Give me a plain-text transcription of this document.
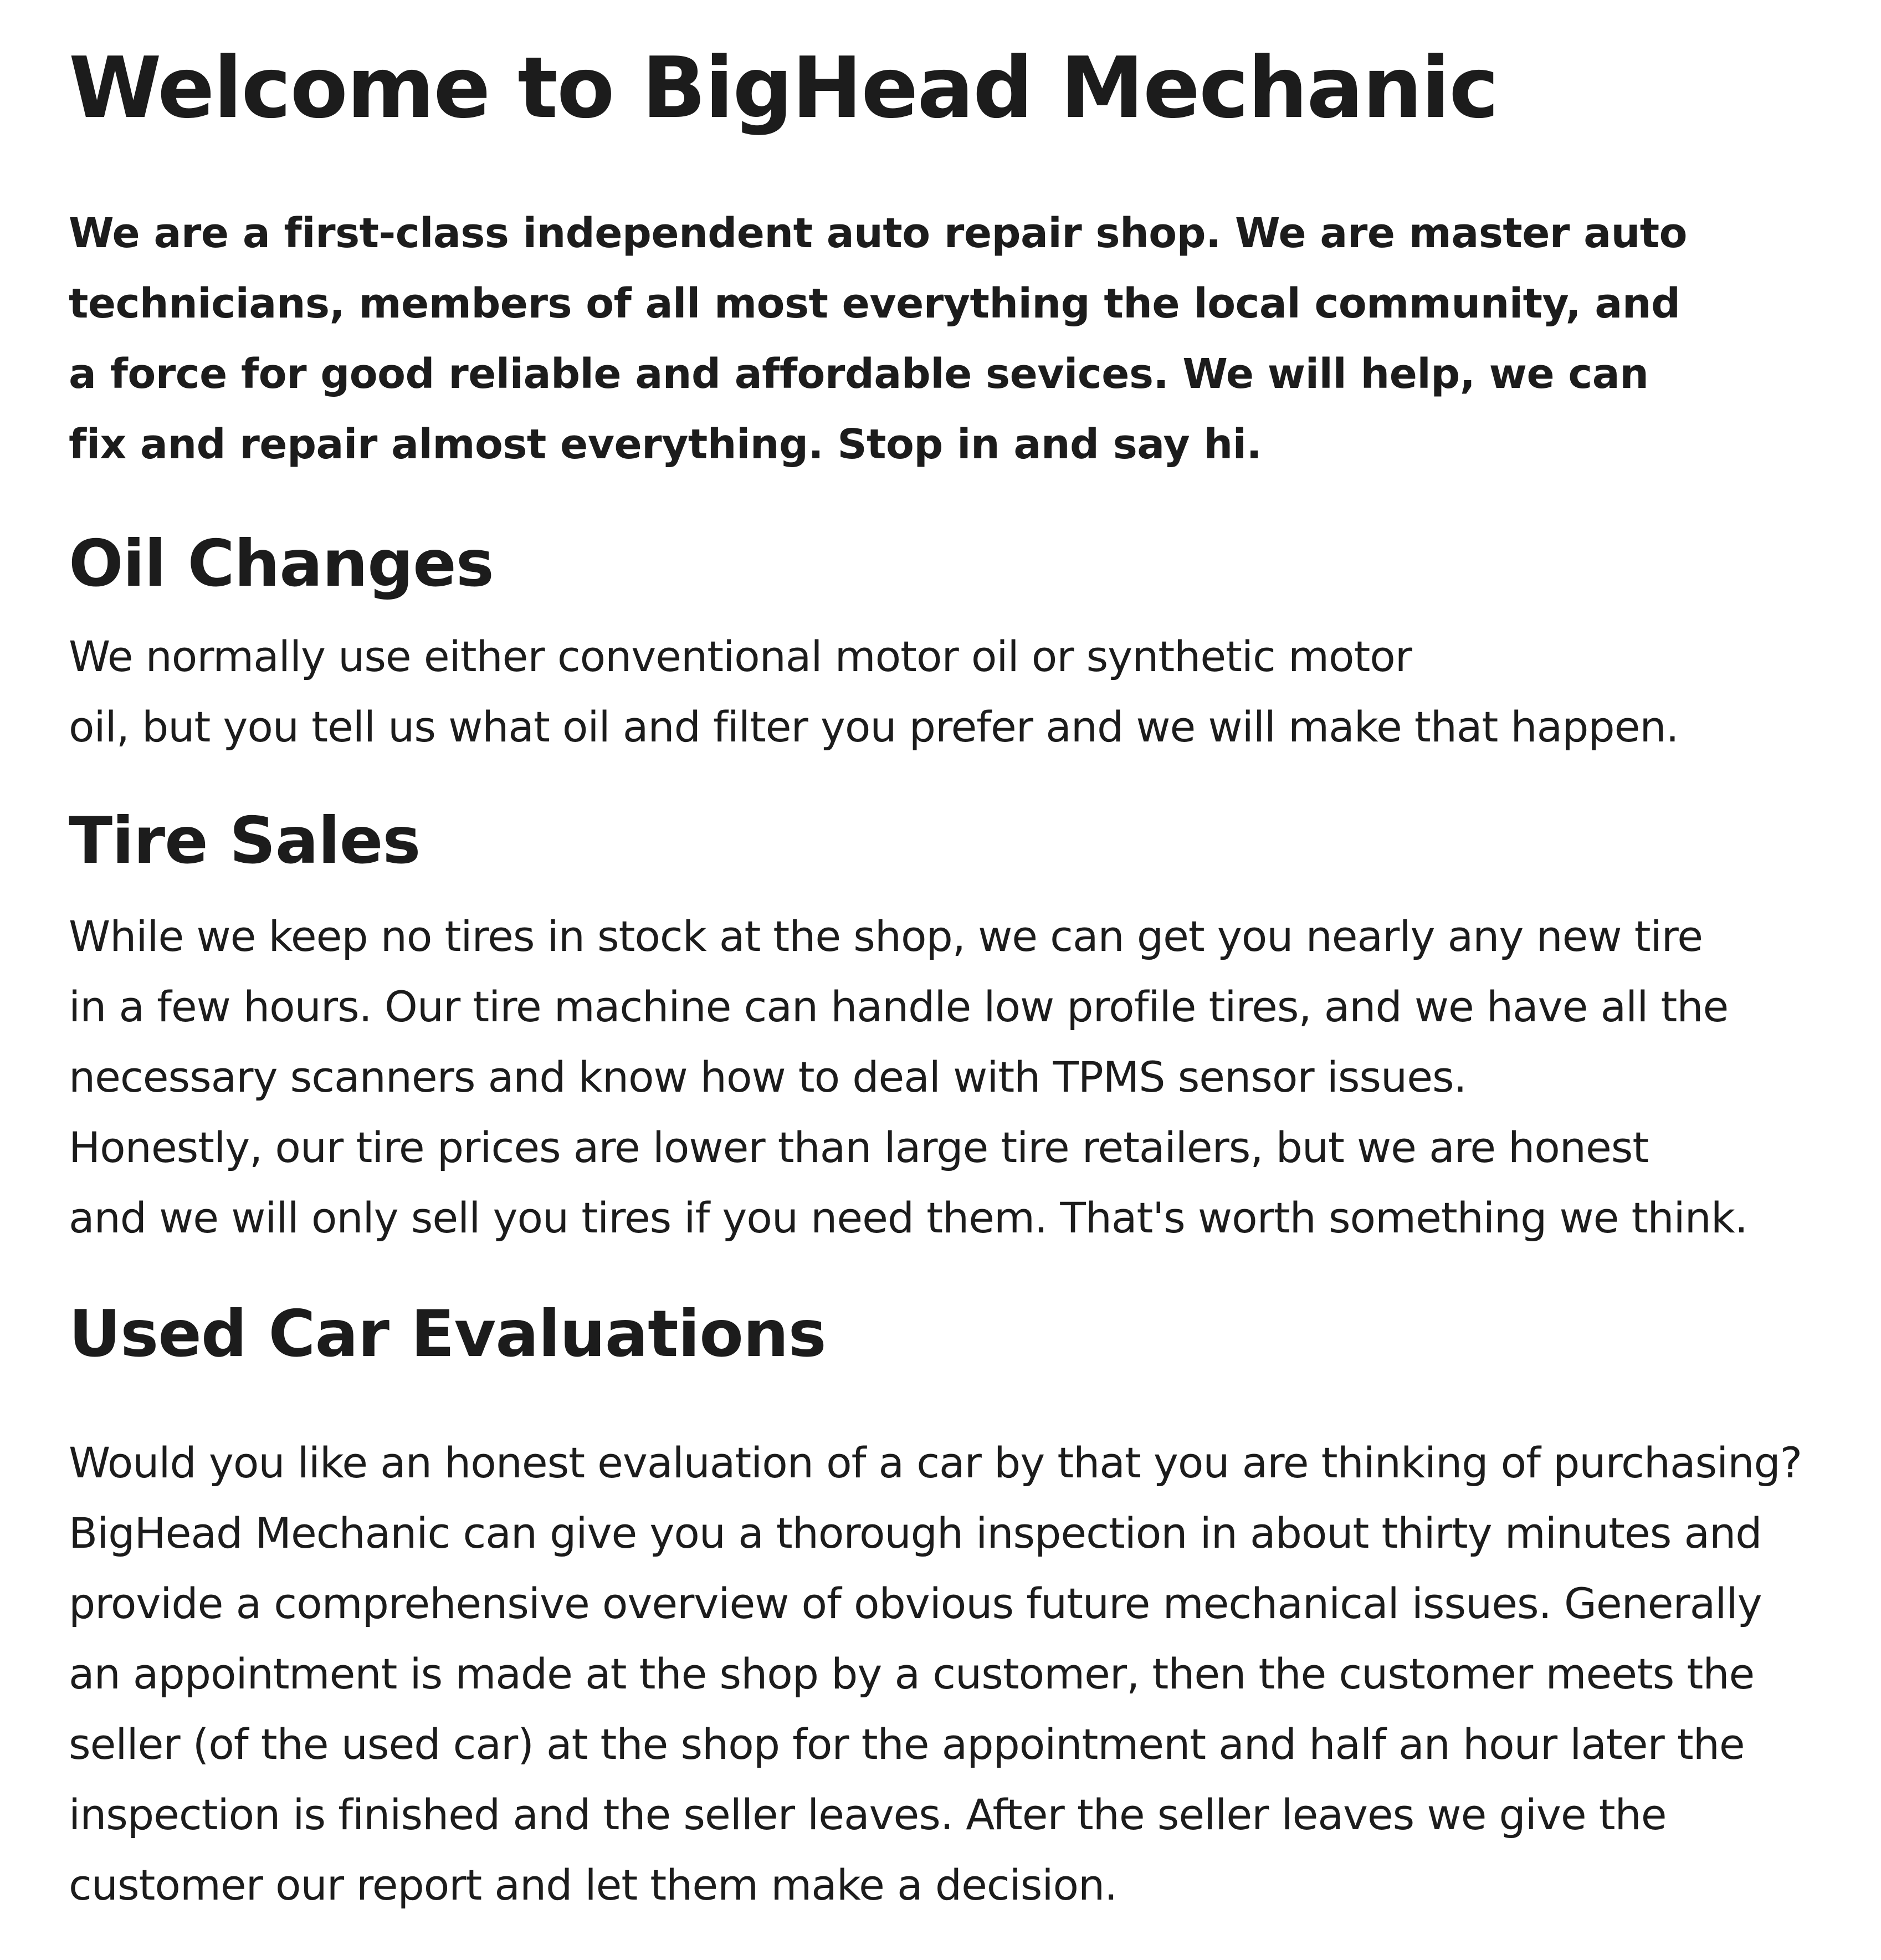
Welcome to BigHead Mechanic
We are a first-class independent auto repair shop. We are master auto
technicians, members of all most everything the local community, and
a force for good reliable and affordable sevices. We will help, we can
fix and repair almost everything. Stop in and say hi.
Oil Changes
We normally use either conventional motor oil or synthetic motor
oil, but you tell us what oil and filter you prefer and we will make that happen.
Tire Sales
While we keep no tires in stock at the shop, we can get you nearly any new tire
in a few hours. Our tire machine can handle low profile tires, and we have all the
necessary scanners and know how to deal with TPMS sensor issues.
Honestly, our tire prices are lower than large tire retailers, but we are honest
and we will only sell you tires if you need them. That's worth something we think.
Used Car Evaluations
Would you like an honest evaluation of a car by that you are thinking of purchasing?
BigHead Mechanic can give you a thorough inspection in about thirty minutes and
provide a comprehensive overview of obvious future mechanical issues. Generally
an appointment is made at the shop by a customer, then the customer meets the
seller (of the used car) at the shop for the appointment and half an hour later the
inspection is finished and the seller leaves. After the seller leaves we give the
customer our report and let them make a decision.
